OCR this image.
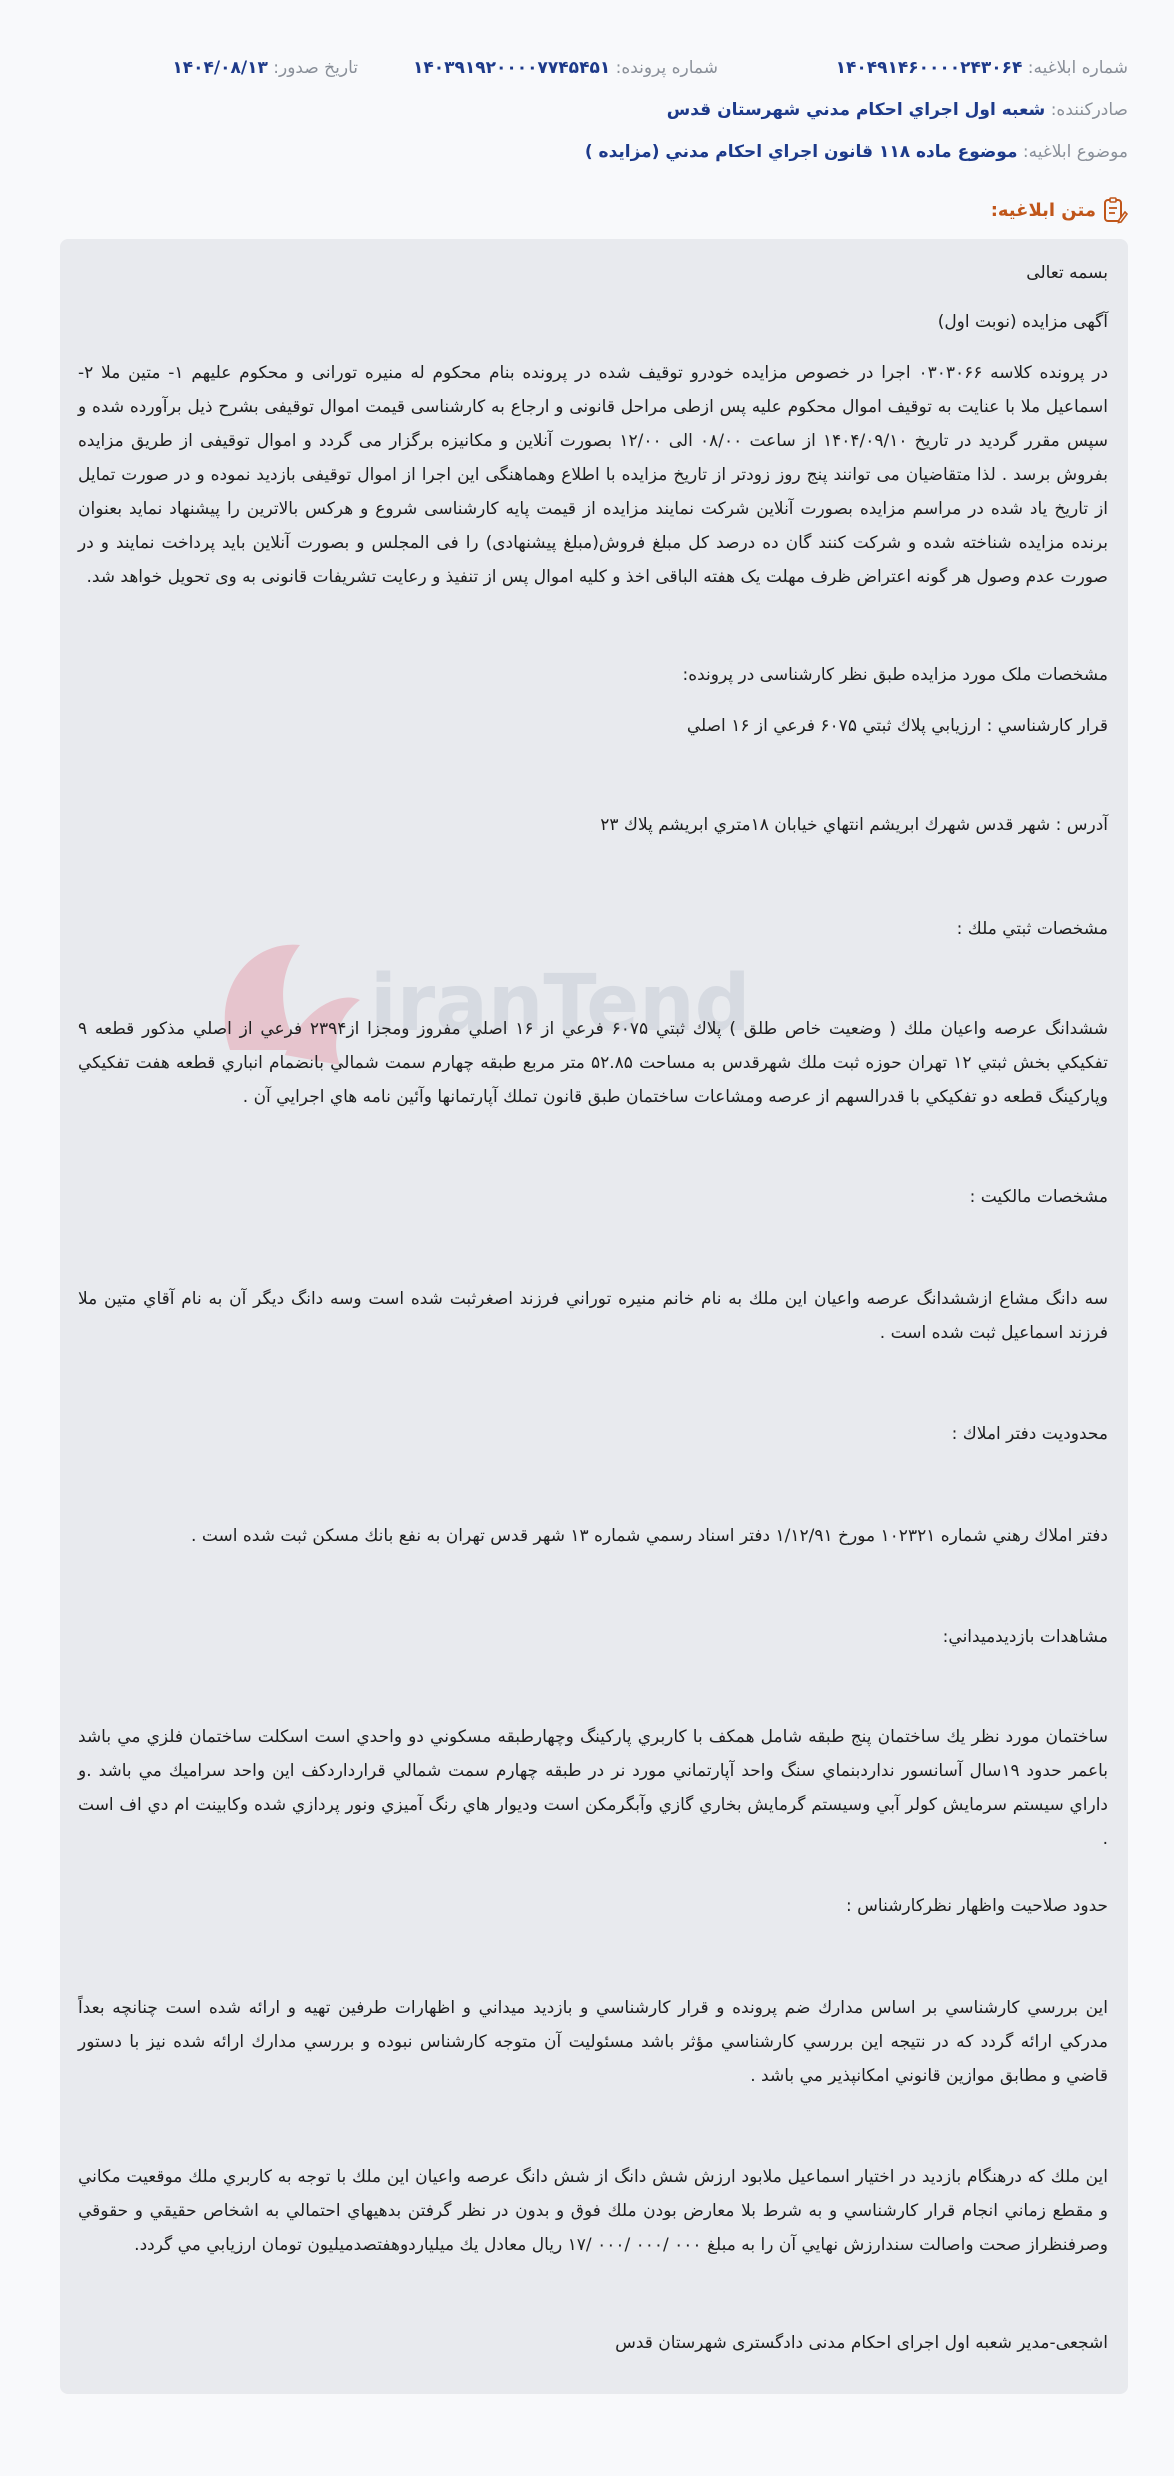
شماره ابلاغیه: ۱۴۰۴۹۱۴۶۰۰۰۰۲۴۳۰۶۴
شماره پرونده: ۱۴۰۳۹۱۹۲۰۰۰۰۷۷۴۵۴۵۱
تاریخ صدور: ۱۴۰۴/۰۸/۱۳
صادرکننده: شعبه اول اجراي احكام مدني شهرستان قدس
موضوع ابلاغیه: موضوع ماده ۱۱۸ قانون اجراي احكام مدني (مزايده )
متن ابلاغیه:
iranTend

بسمه تعالی

آگهی مزایده (نوبت اول)

در پرونده کلاسه ۰۳۰۳۰۶۶ اجرا در خصوص مزايده خودرو توقيف شده در پرونده بنام محكوم له منيره تورانی و محكوم عليهم ۱- متين ملا ۲- اسماعيل ملا با عنايت به توقيف اموال محكوم عليه پس ازطی مراحل قانونی و ارجاع به كارشناسی قيمت اموال توقيفی بشرح ذيل برآورده شده و سپس مقرر گرديد در تاريخ ۱۴۰۴/۰۹/۱۰ از ساعت ۰۸/۰۰ الی ۱۲/۰۰ بصورت آنلاين و مكانيزه برگزار می گردد و اموال توقيفی از طريق مزايده بفروش برسد . لذا متقاضيان می توانند پنج روز زودتر از تاريخ مزايده با اطلاع وهماهنگی اين اجرا از اموال توقيفی بازديد نموده و در صورت تمايل از تاريخ ياد شده در مراسم مزايده بصورت آنلاين شركت نمايند مزايده از قيمت پايه كارشناسی شروع و هركس بالاترين را پيشنهاد نمايد بعنوان برنده مزايده شناخته شده و شركت كنند گان ده درصد كل مبلغ فروش(مبلغ پيشنهادی) را فی المجلس و بصورت آنلاين بايد پرداخت نمايند و در صورت عدم وصول هر گونه اعتراض ظرف مهلت يک هفته الباقی اخذ و كليه اموال پس از تنفيذ و رعايت تشريفات قانونی به وی تحويل خواهد شد.

مشخصات ملک مورد مزایده طبق نظر کارشناسی در پرونده:

قرار كارشناسي : ارزيابي پلاك ثبتي ۶۰۷۵ فرعي از ۱۶ اصلي

آدرس : شهر قدس شهرك ابريشم انتهاي خيابان ۱۸متري ابريشم پلاك ۲۳

مشخصات ثبتي ملك :

ششدانگ عرصه واعيان ملك ( وضعيت خاص طلق ) پلاك ثبتي ۶۰۷۵ فرعي از ۱۶ اصلي مفروز ومجزا از۲۳۹۴ فرعي از اصلي مذكور قطعه ۹ تفكيكي بخش ثبتي ۱۲ تهران حوزه ثبت ملك شهرقدس به مساحت ۵۲.۸۵ متر مربع طبقه چهارم سمت شمالي بانضمام انباري قطعه هفت تفكيكي وپاركينگ قطعه دو تفكيكي با قدرالسهم از عرصه ومشاعات ساختمان طبق قانون تملك آپارتمانها وآئين نامه هاي اجرايي آن .

مشخصات مالكيت :

سه دانگ مشاع ازششدانگ عرصه واعيان اين ملك به نام خانم منيره توراني فرزند اصغرثبت شده است وسه دانگ ديگر آن به نام آقاي متين ملا فرزند اسماعيل ثبت شده است .

محدوديت دفتر املاك :

دفتر املاك رهني شماره ۱۰۲۳۲۱ مورخ ۱/۱۲/۹۱ دفتر اسناد رسمي شماره ۱۳ شهر قدس تهران به نفع بانك مسكن ثبت شده است .

مشاهدات بازديدميداني:

ساختمان مورد نظر يك ساختمان پنج طبقه شامل همكف با كاربري پاركينگ وچهارطبقه مسكوني دو واحدي است اسكلت ساختمان فلزي مي باشد باعمر حدود ۱۹سال آسانسور نداردبنماي سنگ واحد آپارتماني مورد نر در طبقه چهارم سمت شمالي قراردارد‌كف اين واحد سراميك مي باشد .و داراي سيستم سرمايش كولر آبي وسيستم گرمايش بخاري گازي وآبگرمكن است وديوار هاي رنگ آميزي ونور پردازي شده وكابينت ام دي اف است .

حدود صلاحيت واظهار نظركارشناس :

اين بررسي كارشناسي بر اساس مدارك ضم پرونده و قرار كارشناسي و بازديد ميداني و اظهارات طرفين تهيه و ارائه شده است چنانچه بعداً مدركي ارائه گردد كه در نتيجه اين بررسي كارشناسي مؤثر باشد مسئوليت آن متوجه كارشناس نبوده و بررسي مدارك ارائه شده نيز با دستور قاضي و مطابق موازين قانوني امكانپذير مي باشد .

اين ملك كه درهنگام بازديد در اختيار اسماعيل ملابود ارزش شش دانگ از شش دانگ عرصه واعيان اين ملك با توجه به كاربري ملك موقعيت مكاني و مقطع زماني انجام قرار كارشناسي و به شرط بلا معارض بودن ملك فوق و بدون در نظر گرفتن بدهيهاي احتمالي به اشخاص حقيقي و حقوقي وصرفنظراز صحت واصالت سندارزش نهايي آن را به مبلغ ۰۰۰ /۰۰۰ /۰۰۰ /۱۷ ريال معادل يك ميلياردوهفتصدميليون تومان ارزيابي مي گردد.

اشجعی-مدیر شعبه اول اجرای احکام مدنی دادگستری شهرستان قدس
